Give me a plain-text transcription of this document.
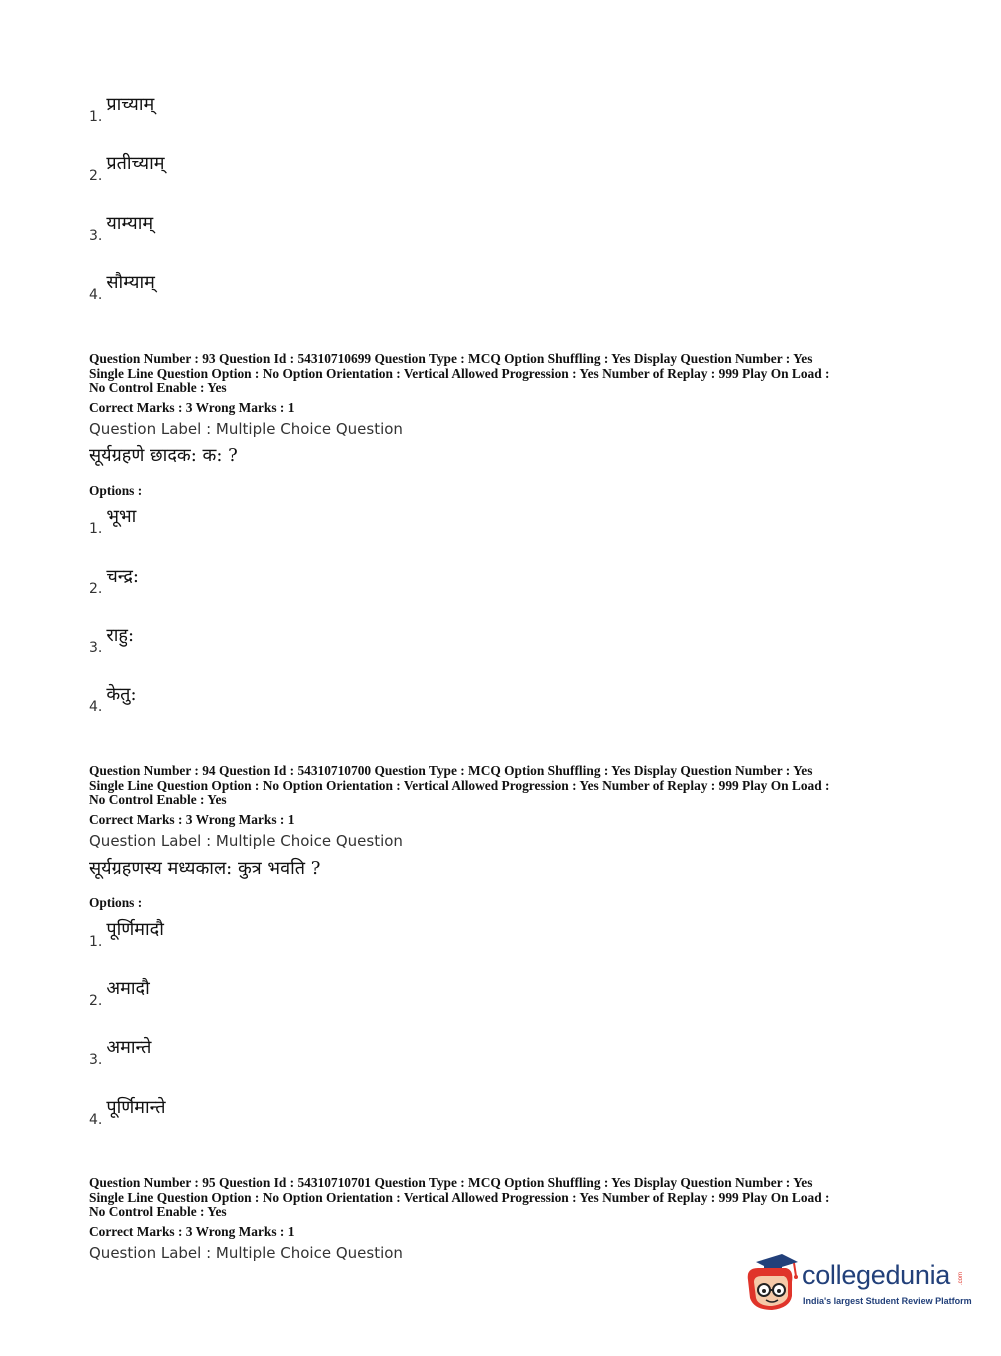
1.
प्राच्याम्
2.
प्रतीच्याम्
3.
याम्याम्
4.
सौम्याम्
Question Number : 93 Question Id : 54310710699 Question Type : MCQ Option Shuffling : Yes Display Question Number : Yes
Single Line Question Option : No Option Orientation : Vertical Allowed Progression : Yes Number of Replay : 999 Play On Load :
No Control Enable : Yes
Correct Marks : 3 Wrong Marks : 1
Question Label : Multiple Choice Question
सूर्यग्रहणे छादक: क: ?
Options :
1.
भूभा
2.
चन्द्र:
3.
राहु:
4.
केतु:
Question Number : 94 Question Id : 54310710700 Question Type : MCQ Option Shuffling : Yes Display Question Number : Yes
Single Line Question Option : No Option Orientation : Vertical Allowed Progression : Yes Number of Replay : 999 Play On Load :
No Control Enable : Yes
Correct Marks : 3 Wrong Marks : 1
Question Label : Multiple Choice Question
सूर्यग्रहणस्य मध्यकाल: कुत्र भवति ?
Options :
1.
पूर्णिमादौ
2.
अमादौ
3.
अमान्ते
4.
पूर्णिमान्ते
Question Number : 95 Question Id : 54310710701 Question Type : MCQ Option Shuffling : Yes Display Question Number : Yes
Single Line Question Option : No Option Orientation : Vertical Allowed Progression : Yes Number of Replay : 999 Play On Load :
No Control Enable : Yes
Correct Marks : 3 Wrong Marks : 1
Question Label : Multiple Choice Question
collegedunia .com
India's largest Student Review Platform
